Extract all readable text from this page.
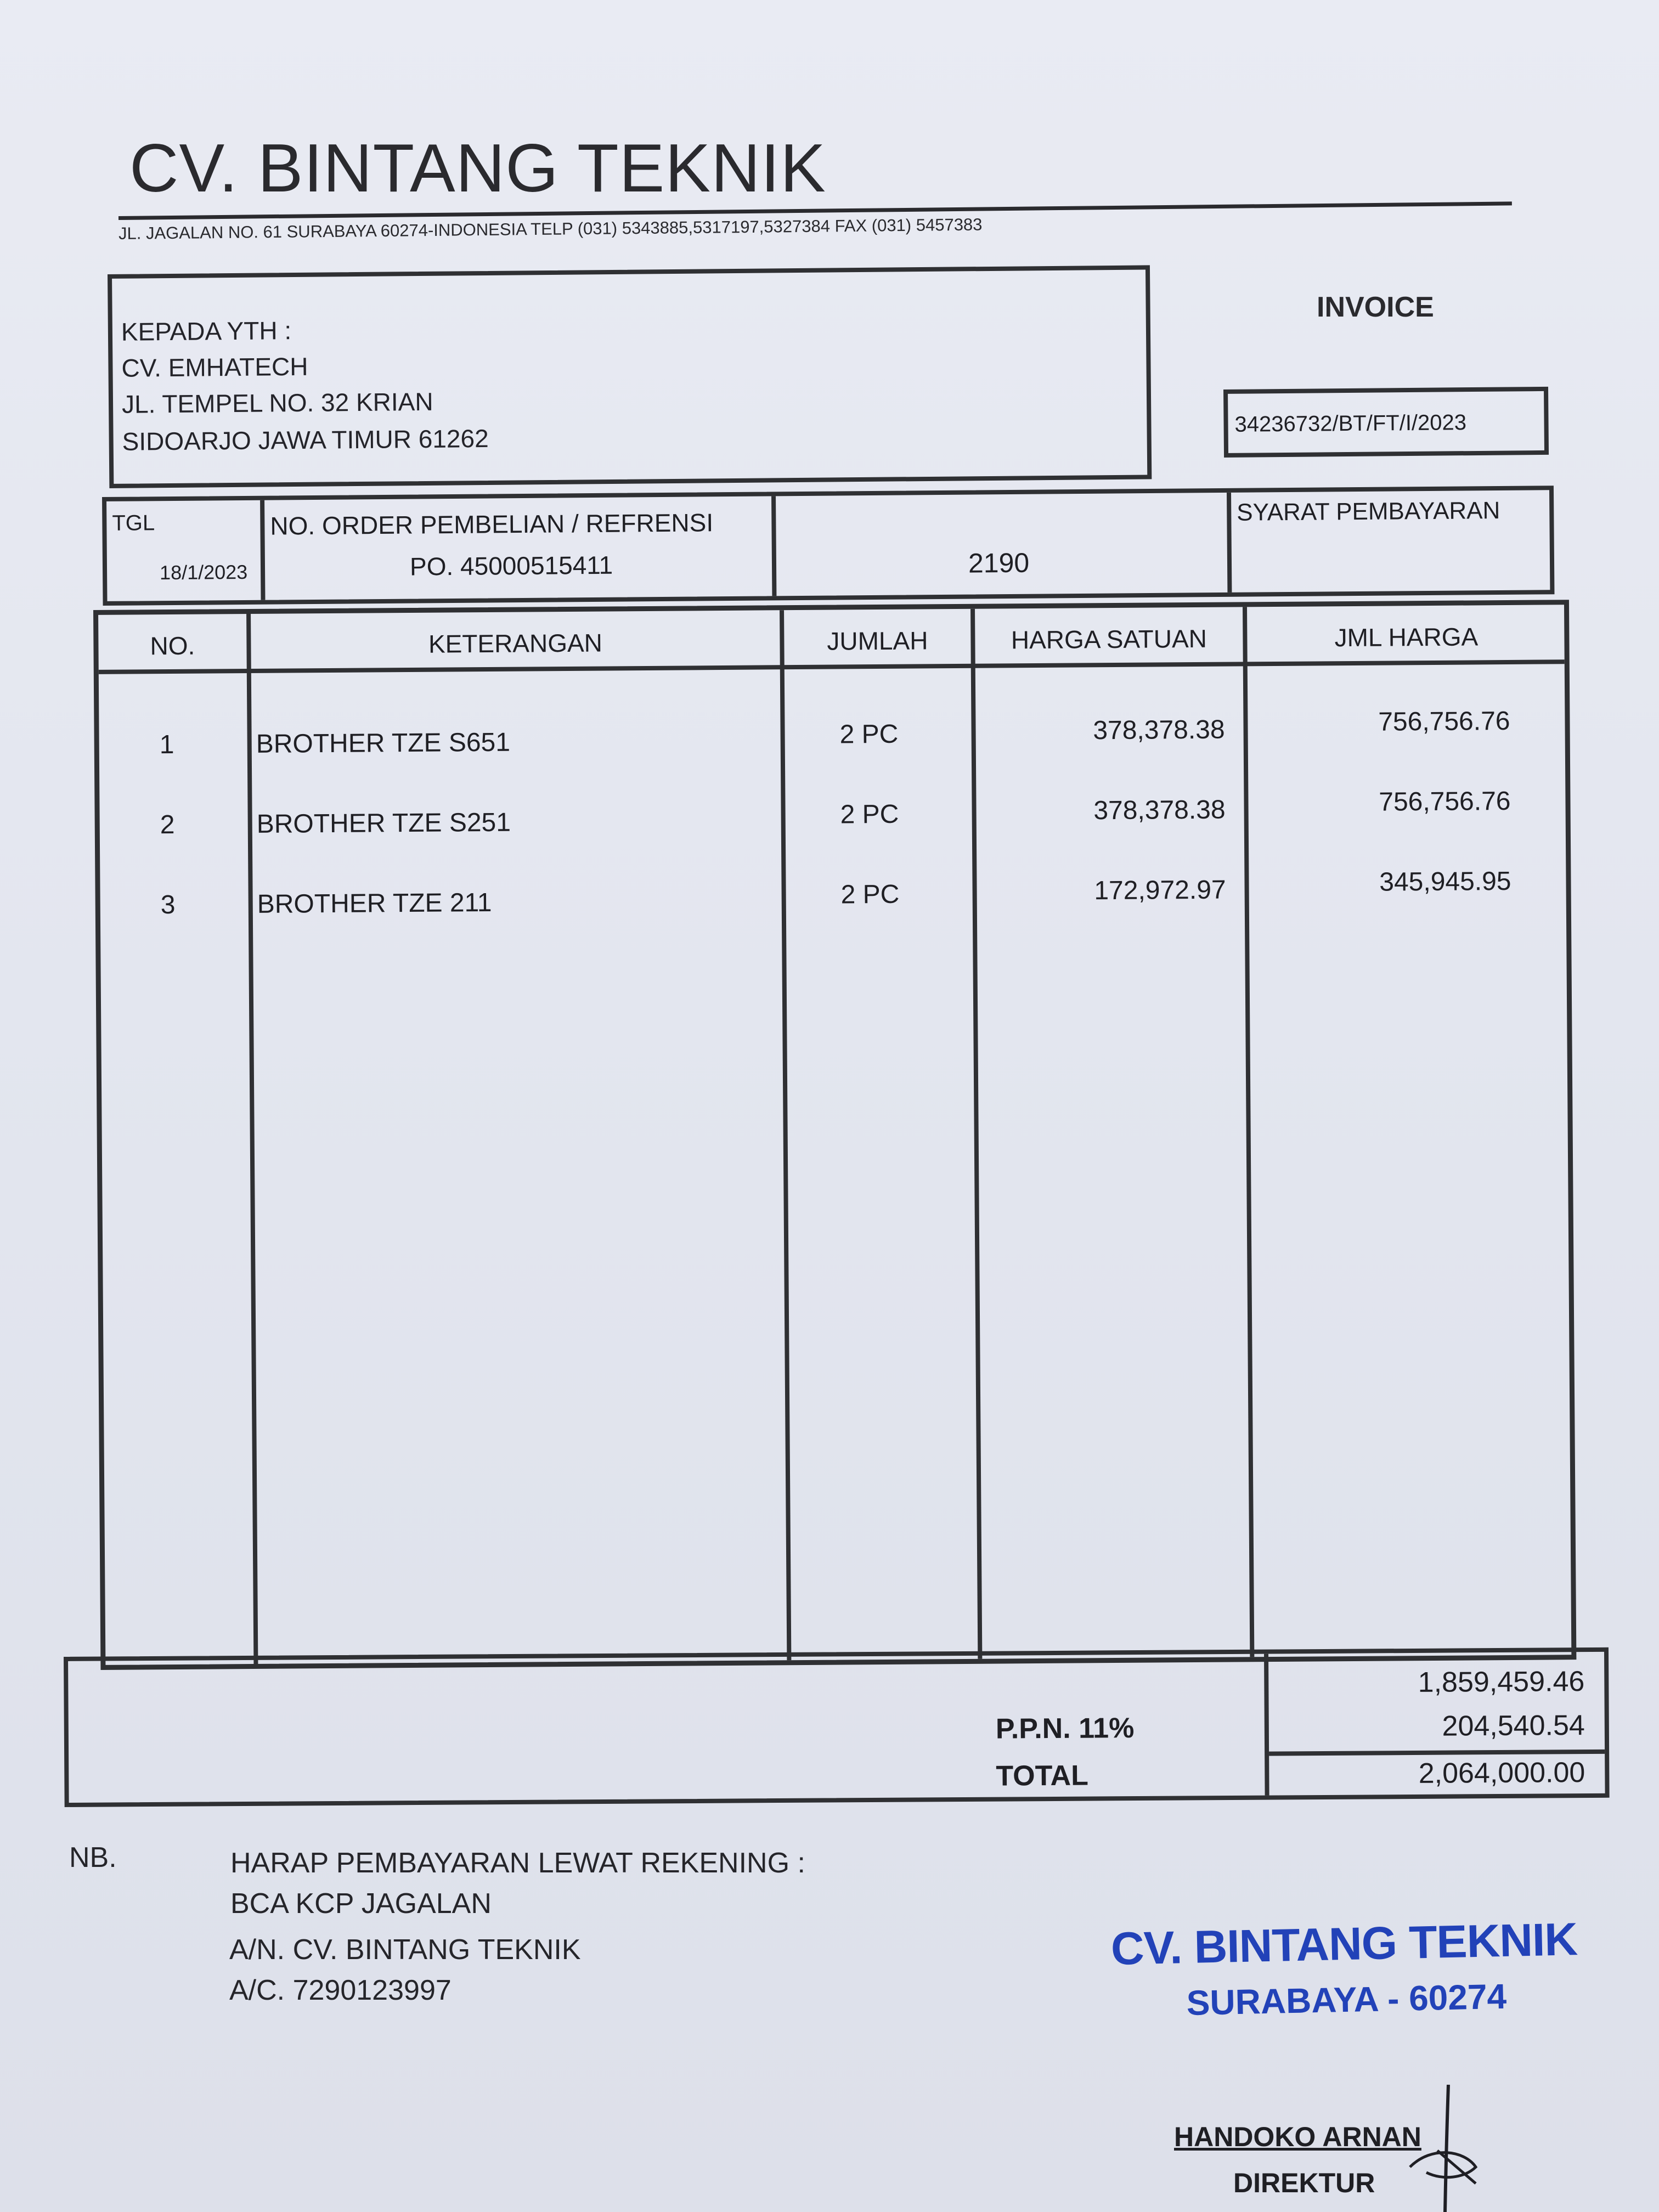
CV. BINTANG TEKNIK
JL. JAGALAN NO. 61 SURABAYA 60274-INDONESIA TELP (031) 5343885,5317197,5327384 FAX (031) 5457383
KEPADA YTH :
CV. EMHATECH
JL. TEMPEL NO. 32 KRIAN
SIDOARJO JAWA TIMUR 61262
INVOICE
34236732/BT/FT/I/2023
TGL
18/1/2023
NO. ORDER PEMBELIAN / REFRENSI
PO. 45000515411	2190
SYARAT PEMBAYARAN
NO.	KETERANGAN	JUMLAH	HARGA SATUAN	JML HARGA
1	BROTHER TZE S651	2 PC	378,378.38	756,756.76
2	BROTHER TZE S251	2 PC	378,378.38	756,756.76
3	BROTHER TZE 211	2 PC	172,972.97	345,945.95
1,859,459.46
P.P.N. 11%	204,540.54
TOTAL	2,064,000.00
NB.	HARAP PEMBAYARAN LEWAT REKENING :
BCA KCP JAGALAN
A/N. CV. BINTANG TEKNIK
A/C. 7290123997
CV. BINTANG TEKNIK
SURABAYA - 60274
HANDOKO ARNAN
DIREKTUR
